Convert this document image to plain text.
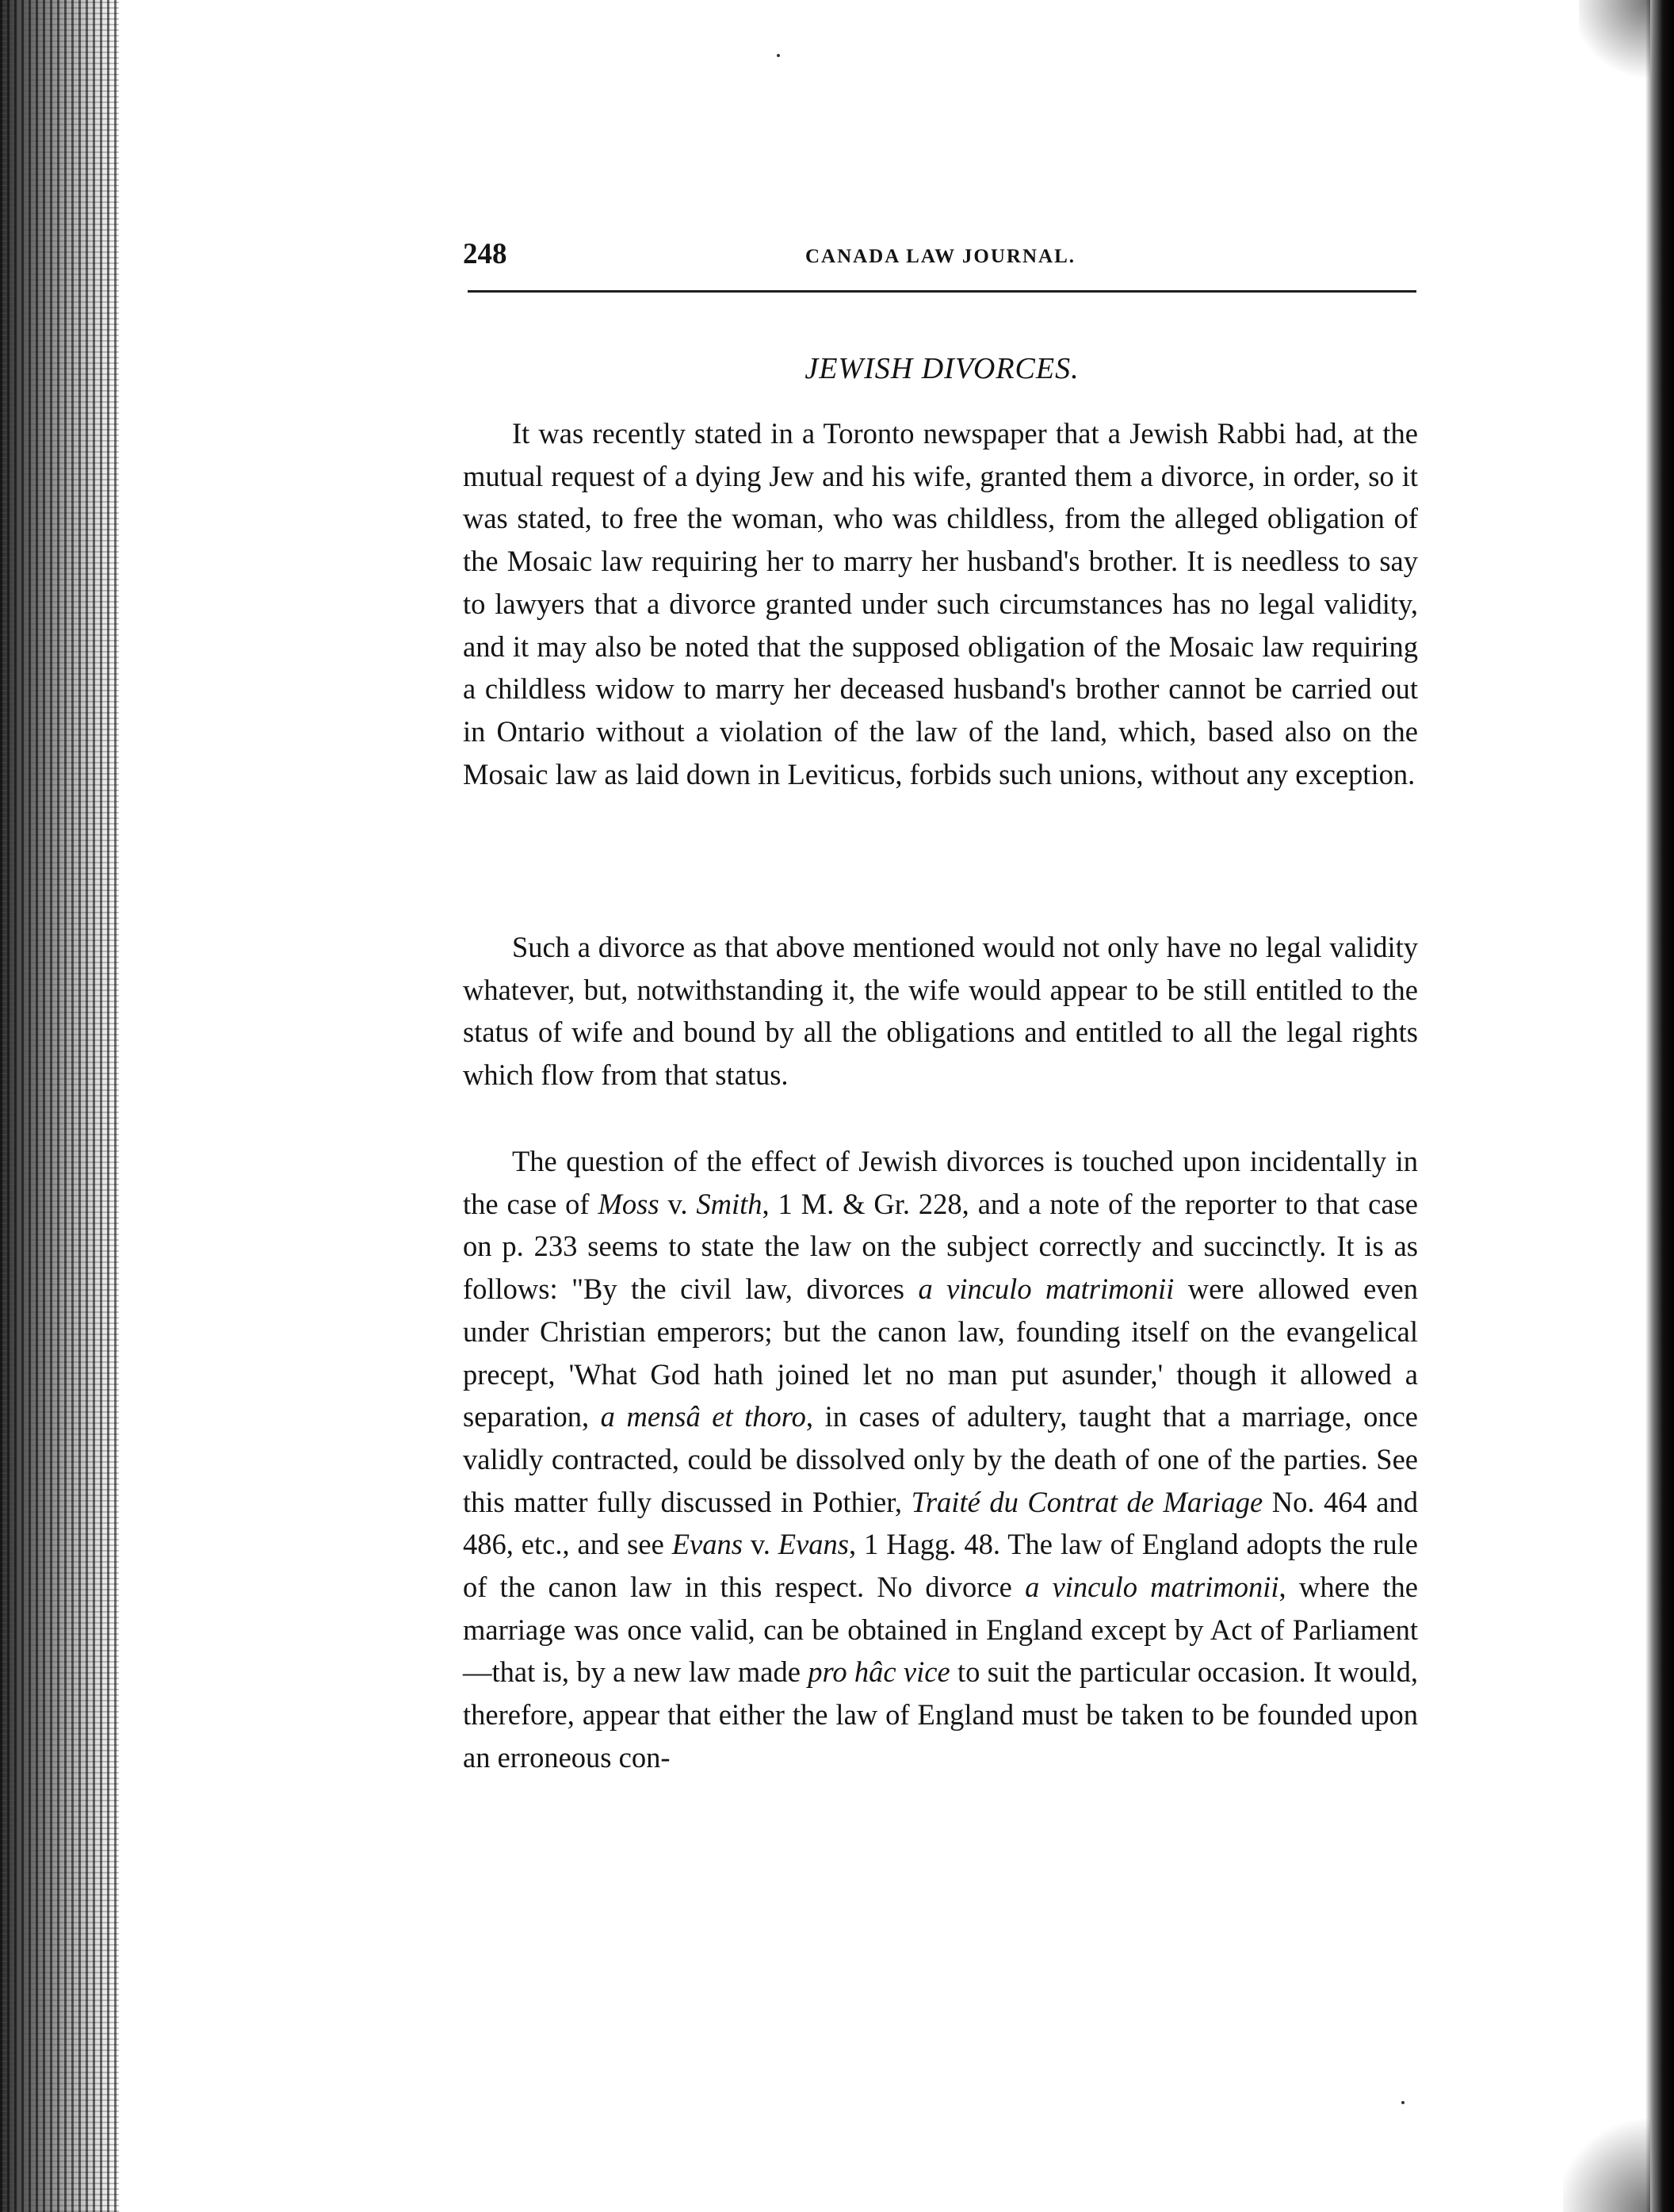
248	CANADA LAW JOURNAL.
JEWISH DIVORCES.

It was recently stated in a Toronto newspaper that a Jewish Rabbi had, at the mutual request of a dying Jew and his wife, granted them a divorce, in order, so it was stated, to free the woman, who was childless, from the alleged obligation of the Mosaic law requiring her to marry her husband's brother. It is needless to say to lawyers that a divorce granted under such circumstances has no legal validity, and it may also be noted that the supposed obligation of the Mosaic law requiring a childless widow to marry her deceased husband's brother cannot be carried out in Ontario without a violation of the law of the land, which, based also on the Mosaic law as laid down in Leviticus, forbids such unions, without any exception.

Such a divorce as that above mentioned would not only have no legal validity whatever, but, notwithstanding it, the wife would appear to be still entitled to the status of wife and bound by all the obligations and entitled to all the legal rights which flow from that status.

The question of the effect of Jewish divorces is touched upon incidentally in the case of Moss v. Smith, 1 M. & Gr. 228, and a note of the reporter to that case on p. 233 seems to state the law on the subject correctly and succinctly. It is as follows: "By the civil law, divorces a vinculo matrimonii were allowed even under Christian emperors; but the canon law, founding itself on the evangelical precept, 'What God hath joined let no man put asunder,' though it allowed a separation, a mensâ et thoro, in cases of adultery, taught that a marriage, once validly contracted, could be dissolved only by the death of one of the parties. See this matter fully discussed in Pothier, Traité du Contrat de Mariage No. 464 and 486, etc., and see Evans v. Evans, 1 Hagg. 48. The law of England adopts the rule of the canon law in this respect. No divorce a vinculo matrimonii, where the marriage was once valid, can be obtained in England except by Act of Parliament—that is, by a new law made pro hâc vice to suit the particular occasion. It would, therefore, appear that either the law of England must be taken to be founded upon an erroneous con-
